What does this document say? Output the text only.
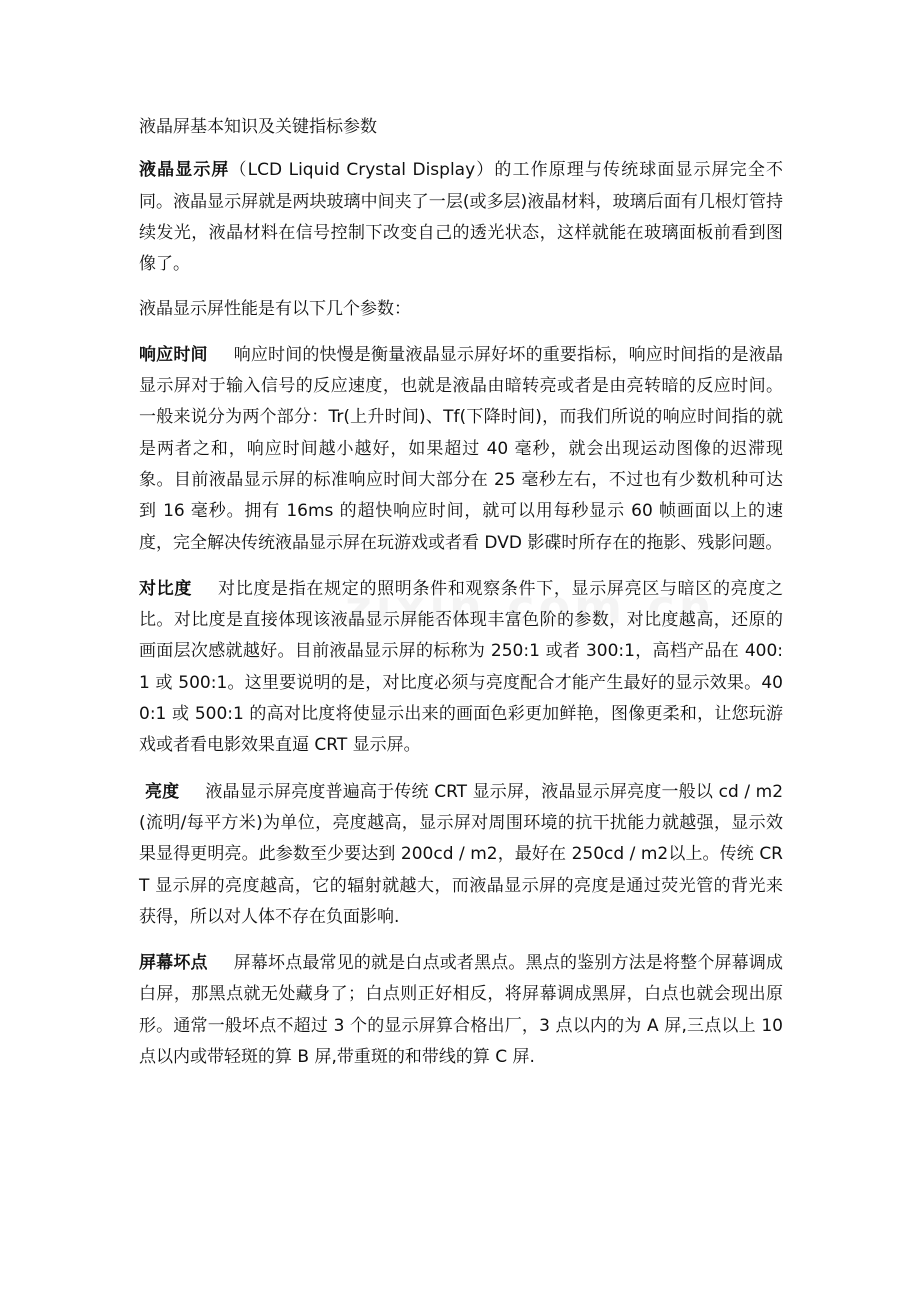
液晶屏基本知识及关键指标参数

液晶显示屏（LCD Liquid Crystal Display）的工作原理与传统球面显示屏完全不同。液晶显示屏就是两块玻璃中间夹了一层(或多层)液晶材料，玻璃后面有几根灯管持续发光，液晶材料在信号控制下改变自己的透光状态，这样就能在玻璃面板前看到图像了。

液晶显示屏性能是有以下几个参数：

响应时间 响应时间的快慢是衡量液晶显示屏好坏的重要指标，响应时间指的是液晶显示屏对于输入信号的反应速度，也就是液晶由暗转亮或者是由亮转暗的反应时间。一般来说分为两个部分：Tr(上升时间)、Tf(下降时间)，而我们所说的响应时间指的就是两者之和，响应时间越小越好，如果超过 40 毫秒，就会出现运动图像的迟滞现象。目前液晶显示屏的标准响应时间大部分在 25 毫秒左右，不过也有少数机种可达到 16 毫秒。拥有 16ms 的超快响应时间，就可以用每秒显示 60 帧画面以上的速度，完全解决传统液晶显示屏在玩游戏或者看 DVD 影碟时所存在的拖影、残影问题。

对比度 对比度是指在规定的照明条件和观察条件下，显示屏亮区与暗区的亮度之比。对比度是直接体现该液晶显示屏能否体现丰富色阶的参数，对比度越高，还原的画面层次感就越好。目前液晶显示屏的标称为 250:1 或者 300:1，高档产品在 400:1 或 500:1。这里要说明的是，对比度必须与亮度配合才能产生最好的显示效果。400:1 或 500:1 的高对比度将使显示出来的画面色彩更加鲜艳，图像更柔和，让您玩游戏或者看电影效果直逼 CRT 显示屏。

亮度 液晶显示屏亮度普遍高于传统 CRT 显示屏，液晶显示屏亮度一般以 cd / m2(流明/每平方米)为单位，亮度越高，显示屏对周围环境的抗干扰能力就越强，显示效果显得更明亮。此参数至少要达到 200cd / m2，最好在 250cd / m2以上。传统 CRT 显示屏的亮度越高，它的辐射就越大，而液晶显示屏的亮度是通过荧光管的背光来获得，所以对人体不存在负面影响.

屏幕坏点 屏幕坏点最常见的就是白点或者黑点。黑点的鉴别方法是将整个屏幕调成白屏，那黑点就无处藏身了；白点则正好相反，将屏幕调成黑屏，白点也就会现出原形。通常一般坏点不超过 3 个的显示屏算合格出厂，3 点以内的为 A 屏,三点以上 10 点以内或带轻斑的算 B 屏,带重斑的和带线的算 C 屏.
